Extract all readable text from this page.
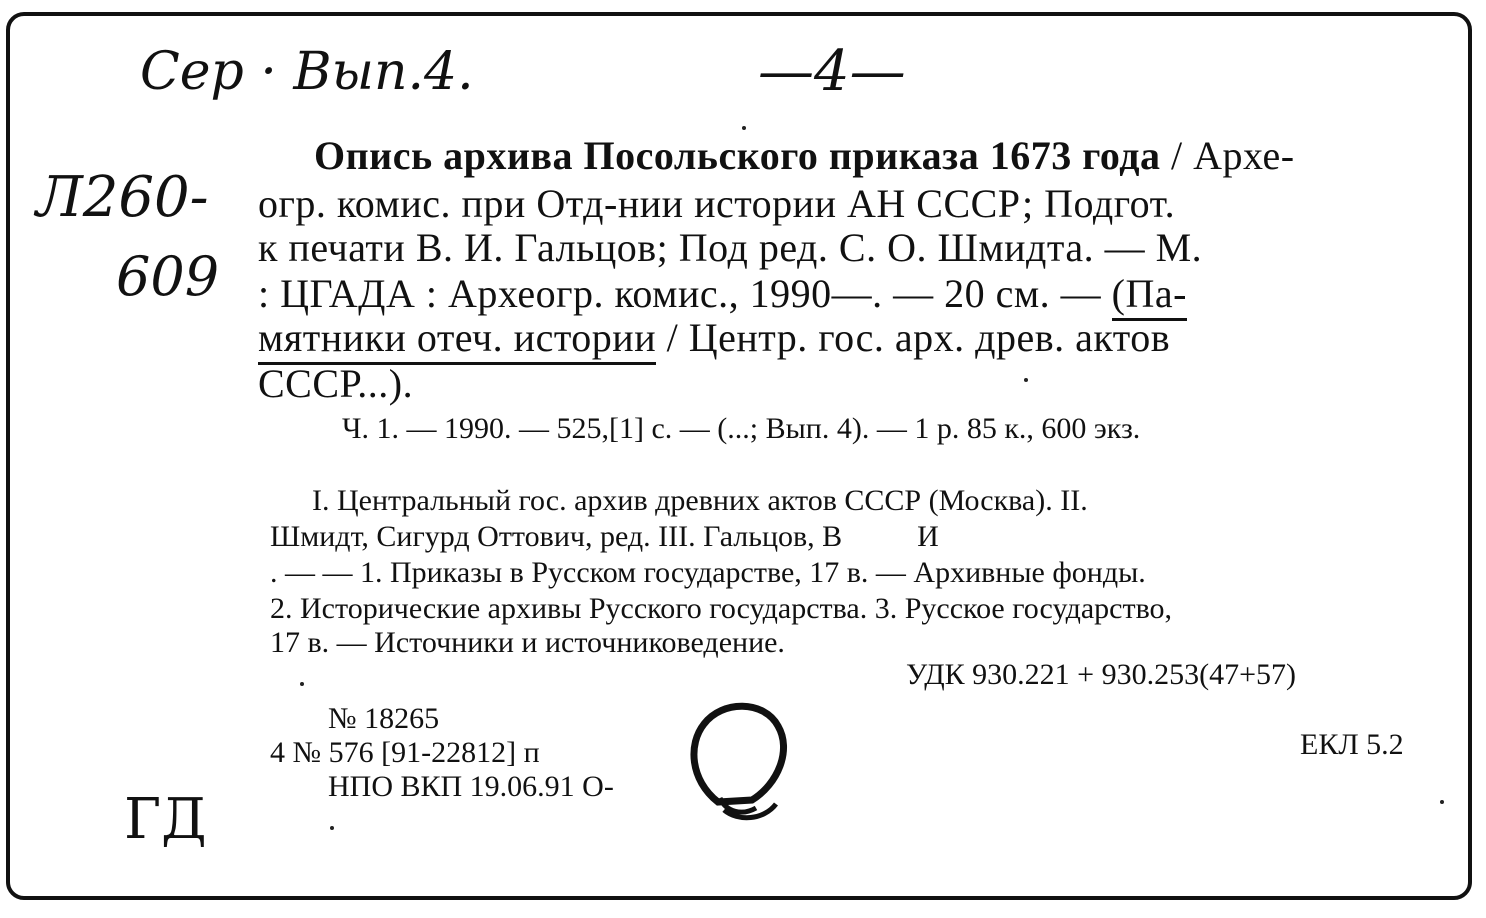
Сер · Вып.4.	—4—
Л260-
609
ГД
Опись архива Посольского приказа 1673 года / Архе-
огр. комис. при Отд-нии истории АН СССР; Подгот.
к печати В. И. Гальцов; Под ред. С. О. Шмидта. — М.
: ЦГАДА : Археогр. комис., 1990—. — 20 см. — (Па-
мятники отеч. истории / Центр. гос. арх. древ. актов
СССР...).
Ч. 1. — 1990. — 525,[1] с. — (...; Вып. 4). — 1 р. 85 к., 600 экз.
I. Центральный гос. архив древних актов СССР (Москва). II.
Шмидт, Сигурд Оттович, ред. III. Гальцов, В          И
. — — 1. Приказы в Русском государстве, 17 в. — Архивные фонды.
2. Исторические архивы Русского государства. 3. Русское государство,
17 в. — Источники и источниковедение.
УДК 930.221 + 930.253(47+57)
№ 18265
4 № 576 [91-22812] п
НПО ВКП 19.06.91 О-
ЕКЛ 5.2
